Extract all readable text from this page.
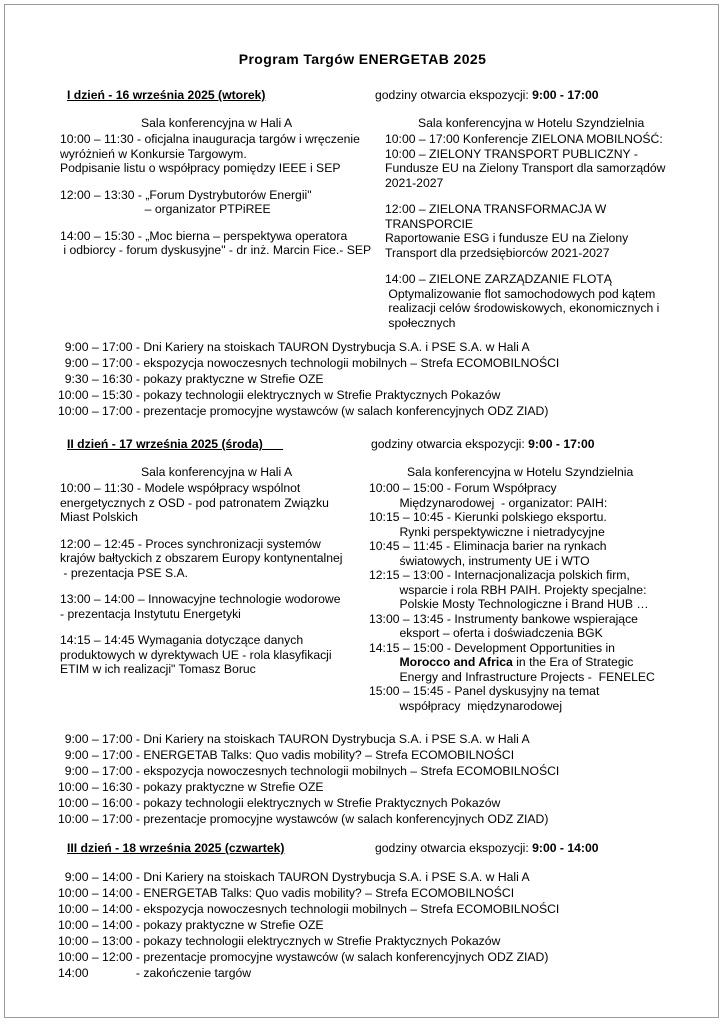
Program Targów ENERGETAB 2025
I dzień - 16 września 2025 (wtorek)	godziny otwarcia ekspozycji: 9:00 - 17:00
Sala konferencyjna w Hali A	Sala konferencyjna w Hotelu Szyndzielnia
10:00 – 11:30 - oficjalna inauguracja targów i wręczenie
wyróżnień w Konkursie Targowym.
Podpisanie listu o współpracy pomiędzy IEEE i SEP
12:00 – 13:30 - „Forum Dystrybutorów Energii"
– organizator PTPiREE
14:00 – 15:30 - „Moc bierna – perspektywa operatora
i odbiorcy - forum dyskusyjne" - dr inż. Marcin Fice.- SEP
10:00 – 17:00 Konferencje ZIELONA MOBILNOŚĆ:
10:00 – ZIELONY TRANSPORT PUBLICZNY -
Fundusze EU na Zielony Transport dla samorządów
2021-2027
12:00 – ZIELONA TRANSFORMACJA W
TRANSPORCIE
Raportowanie ESG i fundusze EU na Zielony
Transport dla przedsiębiorców 2021-2027
14:00 – ZIELONE ZARZĄDZANIE FLOTĄ
Optymalizowanie flot samochodowych pod kątem
realizacji celów środowiskowych, ekonomicznych i
społecznych
9:00 – 17:00 - Dni Kariery na stoiskach TAURON Dystrybucja S.A. i PSE S.A. w Hali A
9:00 – 17:00 - ekspozycja nowoczesnych technologii mobilnych – Strefa ECOMOBILNOŚCI
9:30 – 16:30 - pokazy praktyczne w Strefie OZE
10:00 – 15:30 - pokazy technologii elektrycznych w Strefie Praktycznych Pokazów
10:00 – 17:00 - prezentacje promocyjne wystawców (w salach konferencyjnych ODZ ZIAD)
II dzień - 17 września 2025 (środa)	godziny otwarcia ekspozycji: 9:00 - 17:00
Sala konferencyjna w Hali A	Sala konferencyjna w Hotelu Szyndzielnia
10:00 – 11:30 - Modele współpracy wspólnot
energetycznych z OSD - pod patronatem Związku
Miast Polskich
12:00 – 12:45 - Proces synchronizacji systemów
krajów bałtyckich z obszarem Europy kontynentalnej
- prezentacja PSE S.A.
13:00 – 14:00 – Innowacyjne technologie wodorowe
- prezentacja Instytutu Energetyki
14:15 – 14:45 Wymagania dotyczące danych
produktowych w dyrektywach UE - rola klasyfikacji
ETIM w ich realizacji" Tomasz Boruc
10:00 – 15:00 - Forum Współpracy
Międzynarodowej  - organizator: PAIH:
10:15 – 10:45 - Kierunki polskiego eksportu.
Rynki perspektywiczne i nietradycyjne
10:45 – 11:45 - Eliminacja barier na rynkach
światowych, instrumenty UE i WTO
12:15 – 13:00 - Internacjonalizacja polskich firm,
wsparcie i rola RBH PAIH. Projekty specjalne:
Polskie Mosty Technologiczne i Brand HUB …
13:00 – 13:45 - Instrumenty bankowe wspierające
eksport – oferta i doświadczenia BGK
14:15 – 15:00 - Development Opportunities in
Morocco and Africa in the Era of Strategic
Energy and Infrastructure Projects -  FENELEC
15:00 – 15:45 - Panel dyskusyjny na temat
współpracy  międzynarodowej
9:00 – 17:00 - Dni Kariery na stoiskach TAURON Dystrybucja S.A. i PSE S.A. w Hali A
9:00 – 17:00 - ENERGETAB Talks: Quo vadis mobility? – Strefa ECOMOBILNOŚCI
9:00 – 17:00 - ekspozycja nowoczesnych technologii mobilnych – Strefa ECOMOBILNOŚCI
10:00 – 16:30 - pokazy praktyczne w Strefie OZE
10:00 – 16:00 - pokazy technologii elektrycznych w Strefie Praktycznych Pokazów
10:00 – 17:00 - prezentacje promocyjne wystawców (w salach konferencyjnych ODZ ZIAD)
III dzień - 18 września 2025 (czwartek)	godziny otwarcia ekspozycji: 9:00 - 14:00
9:00 – 14:00 - Dni Kariery na stoiskach TAURON Dystrybucja S.A. i PSE S.A. w Hali A
10:00 – 14:00 - ENERGETAB Talks: Quo vadis mobility? – Strefa ECOMOBILNOŚCI
10:00 – 14:00 - ekspozycja nowoczesnych technologii mobilnych – Strefa ECOMOBILNOŚCI
10:00 – 14:00 - pokazy praktyczne w Strefie OZE
10:00 – 13:00 - pokazy technologii elektrycznych w Strefie Praktycznych Pokazów
10:00 – 12:00 - prezentacje promocyjne wystawców (w salach konferencyjnych ODZ ZIAD)
14:00              - zakończenie targów
